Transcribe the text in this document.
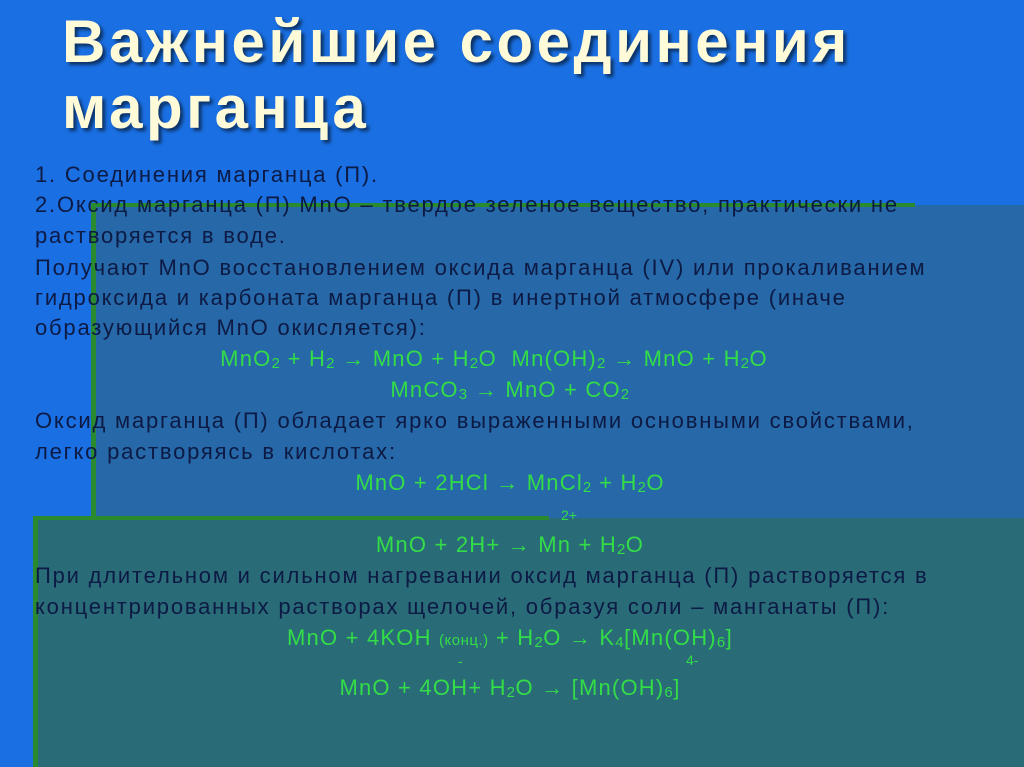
Важнейшие соединения
марганца
1. Соединения марганца (П).
2.Оксид марганца (П) MnO – твердое зеленое вещество, практически не
растворяется в воде.
Получают MnO восстановлением оксида марганца (IV) или прокаливанием
гидроксида и карбоната марганца (П) в инертной атмосфере (иначе
образующийся MnO окисляется):
MnO2 + H2 → MnO + H2O  Mn(OH)2 → MnO + H2O
MnCO3 → MnO + CO2
Оксид марганца (П) обладает ярко выраженными основными свойствами,
легко растворяясь в кислотах:
MnO + 2HCl → MnCl2 + H2O
2+
MnO + 2H+ → Mn + H2O
При длительном и сильном нагревании оксид марганца (П) растворяется в
концентрированных растворах щелочей, образуя соли – манганаты (П):
MnO + 4KOH (конц.) + H2O → K4[Mn(OH)6]
-	4-
MnO + 4OH+ H2O → [Mn(OH)6]
